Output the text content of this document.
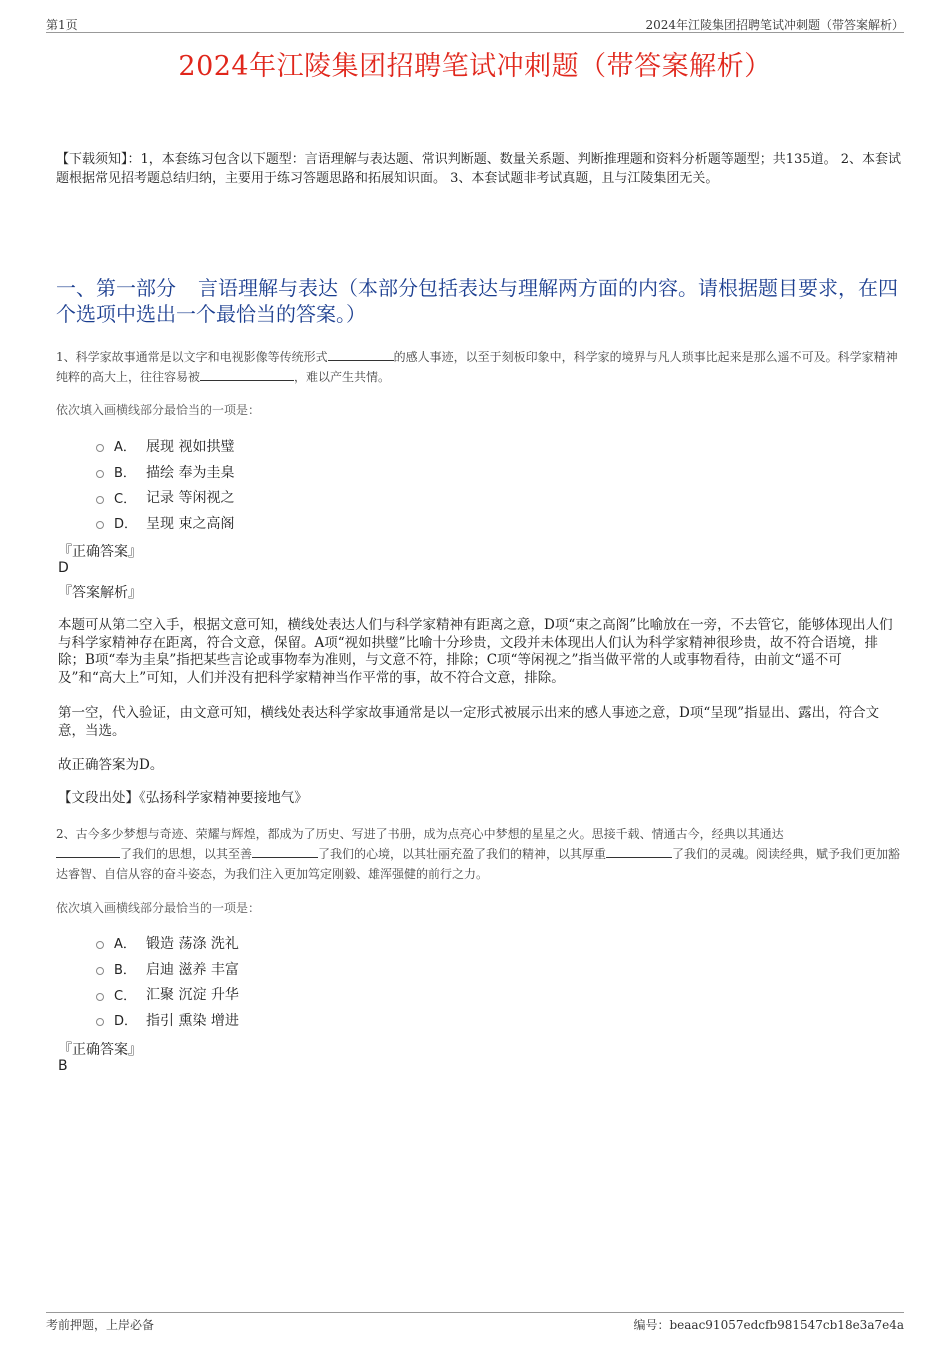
第1页	2024年江陵集团招聘笔试冲刺题（带答案解析）
2024年江陵集团招聘笔试冲刺题（带答案解析）
【下载须知】：1，本套练习包含以下题型：言语理解与表达题、常识判断题、数量关系题、判断推理题和资料分析题等题型；共135道。 2、本套试题根据常见招考题总结归纳，主要用于练习答题思路和拓展知识面。 3、本套试题非考试真题，且与江陵集团无关。
一、第一部分 言语理解与表达（本部分包括表达与理解两方面的内容。请根据题目要求，在四个选项中选出一个最恰当的答案。）
1、科学家故事通常是以文字和电视影像等传统形式	的感人事迹，以至于刻板印象中，科学家的境界与凡人琐事比起来是那么遥不可及。科学家精神纯粹的高大上，往往容易被	，难以产生共情。
依次填入画横线部分最恰当的一项是：
A． 展现 视如拱璧
B． 描绘 奉为圭臬
C． 记录 等闲视之
D． 呈现 束之高阁
『正确答案』
D
『答案解析』
本题可从第二空入手，根据文意可知，横线处表达人们与科学家精神有距离之意，D项“束之高阁”比喻放在一旁，不去管它，能够体现出人们与科学家精神存在距离，符合文意，保留。A项“视如拱璧”比喻十分珍贵，文段并未体现出人们认为科学家精神很珍贵，故不符合语境，排除；B项“奉为圭臬”指把某些言论或事物奉为准则，与文意不符，排除；C项“等闲视之”指当做平常的人或事物看待，由前文“遥不可及”和“高大上”可知，人们并没有把科学家精神当作平常的事，故不符合文意，排除。
第一空，代入验证，由文意可知，横线处表达科学家故事通常是以一定形式被展示出来的感人事迹之意，D项“呈现”指显出、露出，符合文意，当选。
故正确答案为D。
【文段出处】《弘扬科学家精神要接地气》
2、古今多少梦想与奇迹、荣耀与辉煌，都成为了历史、写进了书册，成为点亮心中梦想的星星之火。思接千载、情通古今，经典以其通达
了我们的思想，以其至善	了我们的心境，以其壮丽充盈了我们的精神，以其厚重	了我们的灵魂。阅读经典，赋予我们更加豁达睿智、自信从容的奋斗姿态，为我们注入更加笃定刚毅、雄浑强健的前行之力。
依次填入画横线部分最恰当的一项是：
A． 锻造 荡涤 洗礼
B． 启迪 滋养 丰富
C． 汇聚 沉淀 升华
D． 指引 熏染 增进
『正确答案』
B
考前押题，上岸必备	编号：beaac91057edcfb981547cb18e3a7e4a
